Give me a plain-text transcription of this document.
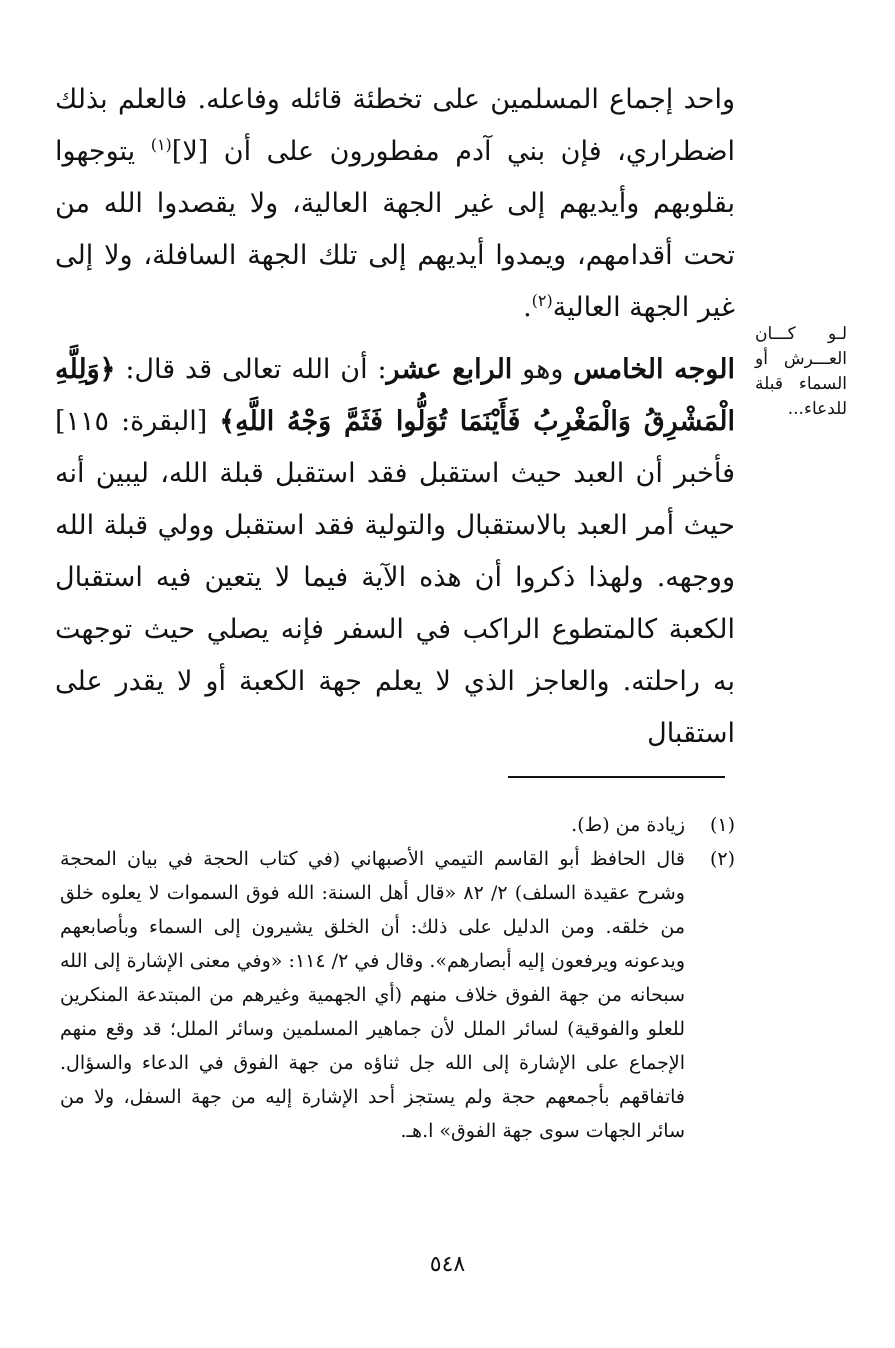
واحد إجماع المسلمين على تخطئة قائله وفاعله. فالعلم بذلك اضطراري، فإن بني آدم مفطورون على أن [لا]$^{(١)}$ يتوجهوا بقلوبهم وأيديهم إلى غير الجهة العالية، ولا يقصدوا الله من تحت أقدامهم، ويمدوا أيديهم إلى تلك الجهة السافلة، ولا إلى غير الجهة العالية$^{(٢)}$.

الوجه الخامس وهو الرابع عشر: أن الله تعالى قد قال: ﴿وَلِلَّهِ الْمَشْرِقُ وَالْمَغْرِبُ فَأَيْنَمَا تُوَلُّوا فَثَمَّ وَجْهُ اللَّهِ﴾ [البقرة: ١١٥] فأخبر أن العبد حيث استقبل فقد استقبل قبلة الله، ليبين أنه حيث أمر العبد بالاستقبال والتولية فقد استقبل وولي قبلة الله ووجهه. ولهذا ذكروا أن هذه الآية فيما لا يتعين فيه استقبال الكعبة كالمتطوع الراكب في السفر فإنه يصلي حيث توجهت به راحلته. والعاجز الذي لا يعلم جهة الكعبة أو لا يقدر على استقبال

لـو كـــان
العـــرش أو
السماء قبلة
للدعاء...
(١)
زيادة من (ط).
(٢)
قال الحافظ أبو القاسم التيمي الأصبهاني (في كتاب الحجة في بيان المحجة وشرح عقيدة السلف) ٢/ ٨٢ «قال أهل السنة: الله فوق السموات لا يعلوه خلق من خلقه. ومن الدليل على ذلك: أن الخلق يشيرون إلى السماء وبأصابعهم ويدعونه ويرفعون إليه أبصارهم». وقال في ٢/ ١١٤: «وفي معنى الإشارة إلى الله سبحانه من جهة الفوق خلاف منهم (أي الجهمية وغيرهم من المبتدعة المنكرين للعلو والفوقية) لسائر الملل لأن جماهير المسلمين وسائر الملل؛ قد وقع منهم الإجماع على الإشارة إلى الله جل ثناؤه من جهة الفوق في الدعاء والسؤال. فاتفاقهم بأجمعهم حجة ولم يستجز أحد الإشارة إليه من جهة السفل، ولا من سائر الجهات سوى جهة الفوق» ا.هـ.
٥٤٨
